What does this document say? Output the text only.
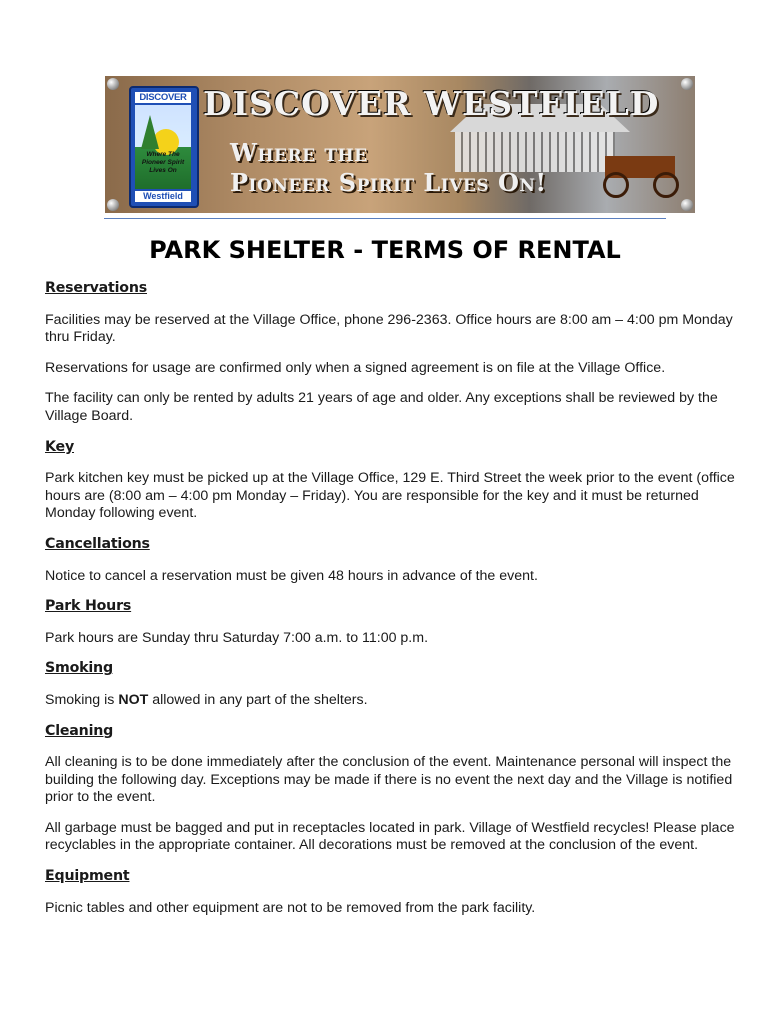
DISCOVER
Where The Pioneer Spirit Lives On
Westfield
DISCOVER WESTFIELD
Where the
Pioneer Spirit Lives On!
PARK SHELTER - TERMS OF RENTAL
Reservations

Facilities may be reserved at the Village Office, phone 296-2363. Office hours are 8:00 am – 4:00 pm Monday thru Friday.

Reservations for usage are confirmed only when a signed agreement is on file at the Village Office.

The facility can only be rented by adults 21 years of age and older. Any exceptions shall be reviewed by the Village Board.

Key

Park kitchen key must be picked up at the Village Office, 129 E. Third Street the week prior to the event (office hours are (8:00 am – 4:00 pm Monday – Friday). You are responsible for the key and it must be returned Monday following event.

Cancellations

Notice to cancel a reservation must be given 48 hours in advance of the event.

Park Hours

Park hours are Sunday thru Saturday 7:00 a.m. to 11:00 p.m.

Smoking

Smoking is NOT allowed in any part of the shelters.

Cleaning

All cleaning is to be done immediately after the conclusion of the event. Maintenance personal will inspect the building the following day. Exceptions may be made if there is no event the next day and the Village is notified prior to the event.

All garbage must be bagged and put in receptacles located in park. Village of Westfield recycles! Please place recyclables in the appropriate container. All decorations must be removed at the conclusion of the event.

Equipment

Picnic tables and other equipment are not to be removed from the park facility.
